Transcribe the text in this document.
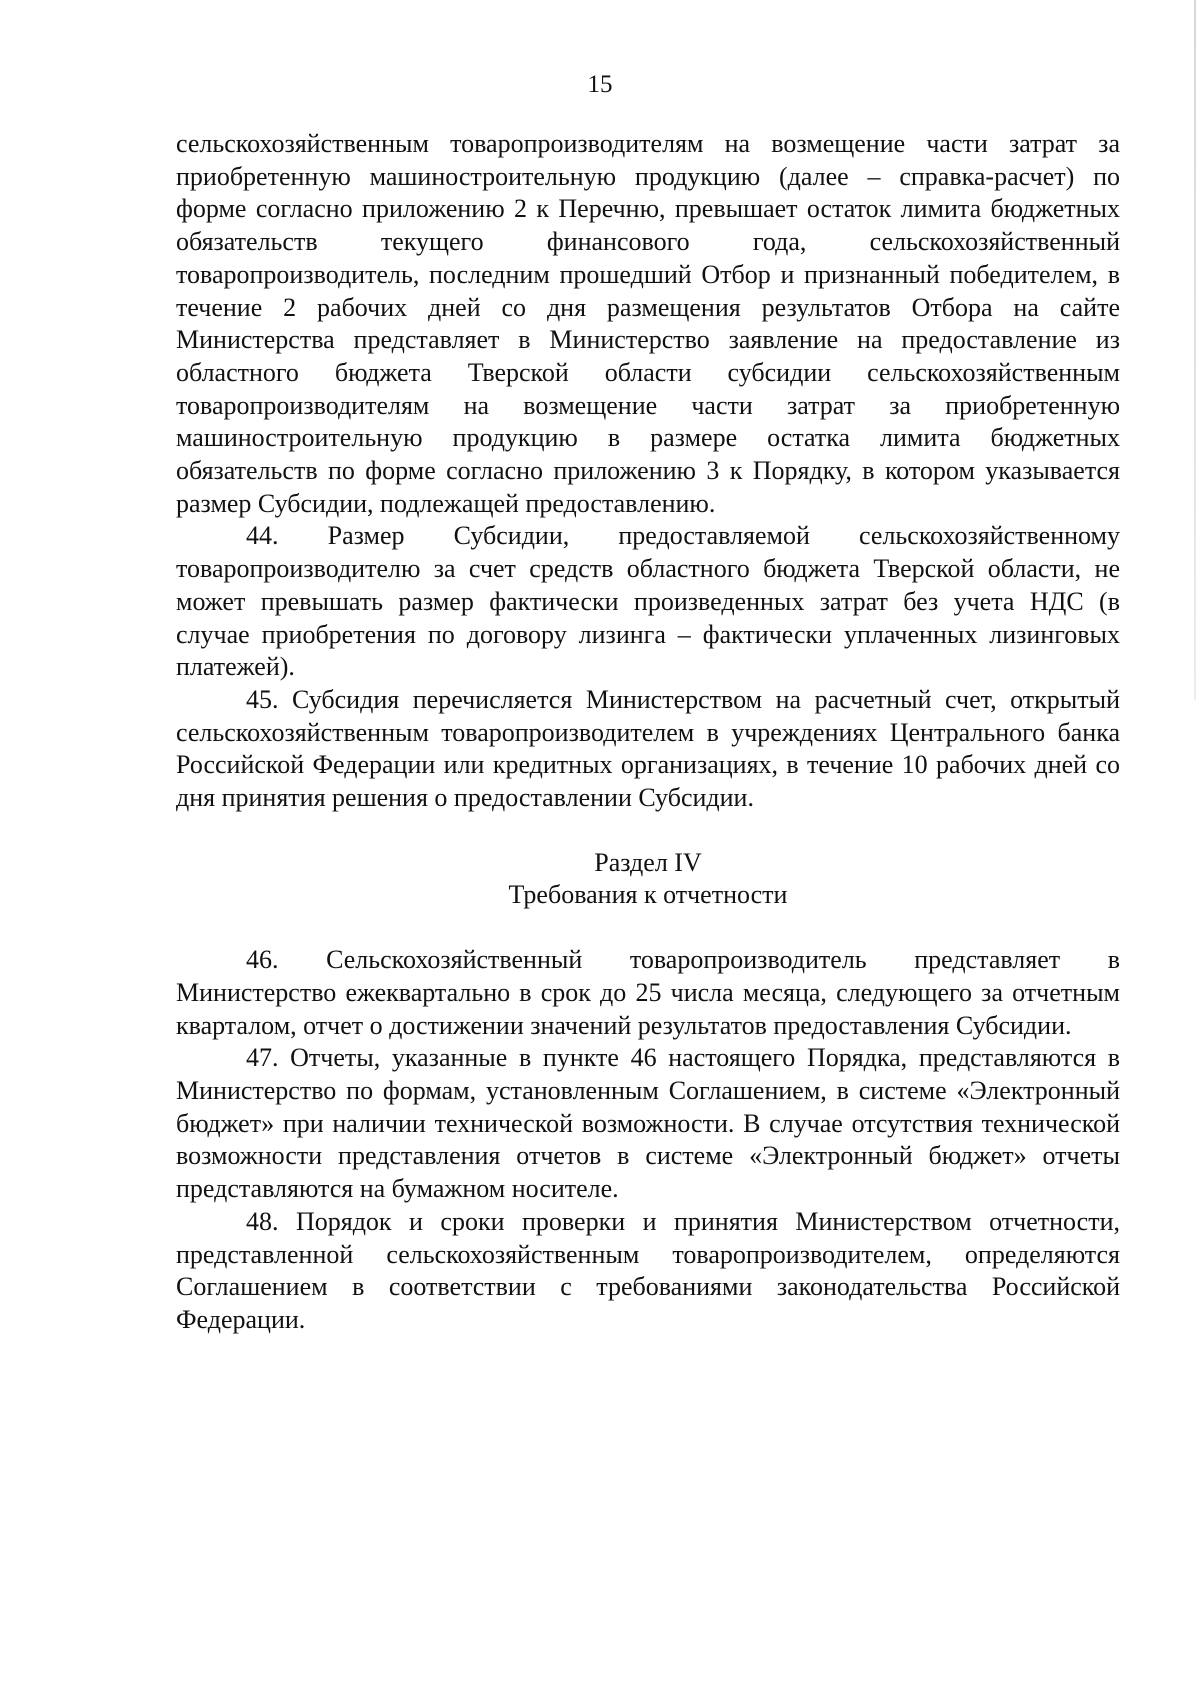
15

сельскохозяйственным товаропроизводителям на возмещение части затрат за приобретенную машиностроительную продукцию (далее – справка-расчет) по форме согласно приложению 2 к Перечню, превышает остаток лимита бюджетных обязательств текущего финансового года, сельскохозяйственный товаропроизводитель, последним прошедший Отбор и признанный победителем, в течение 2 рабочих дней со дня размещения результатов Отбора на сайте Министерства представляет в Министерство заявление на предоставление из областного бюджета Тверской области субсидии сельскохозяйственным товаропроизводителям на возмещение части затрат за приобретенную машиностроительную продукцию в размере остатка лимита бюджетных обязательств по форме согласно приложению 3 к Порядку, в котором указывается размер Субсидии, подлежащей предоставлению.

44. Размер Субсидии, предоставляемой сельскохозяйственному товаропроизводителю за счет средств областного бюджета Тверской области, не может превышать размер фактически произведенных затрат без учета НДС (в случае приобретения по договору лизинга – фактически уплаченных лизинговых платежей).

45. Субсидия перечисляется Министерством на расчетный счет, открытый сельскохозяйственным товаропроизводителем в учреждениях Центрального банка Российской Федерации или кредитных организациях, в течение 10 рабочих дней со дня принятия решения о предоставлении Субсидии.

Раздел IV

Требования к отчетности

46. Сельскохозяйственный товаропроизводитель представляет в Министерство ежеквартально в срок до 25 числа месяца, следующего за отчетным кварталом, отчет о достижении значений результатов предоставления Субсидии.

47. Отчеты, указанные в пункте 46 настоящего Порядка, представляются в Министерство по формам, установленным Соглашением, в системе «Электронный бюджет» при наличии технической возможности. В случае отсутствия технической возможности представления отчетов в системе «Электронный бюджет» отчеты представляются на бумажном носителе.

48. Порядок и сроки проверки и принятия Министерством отчетности, представленной сельскохозяйственным товаропроизводителем, определяются Соглашением в соответствии с требованиями законодательства Российской Федерации.
